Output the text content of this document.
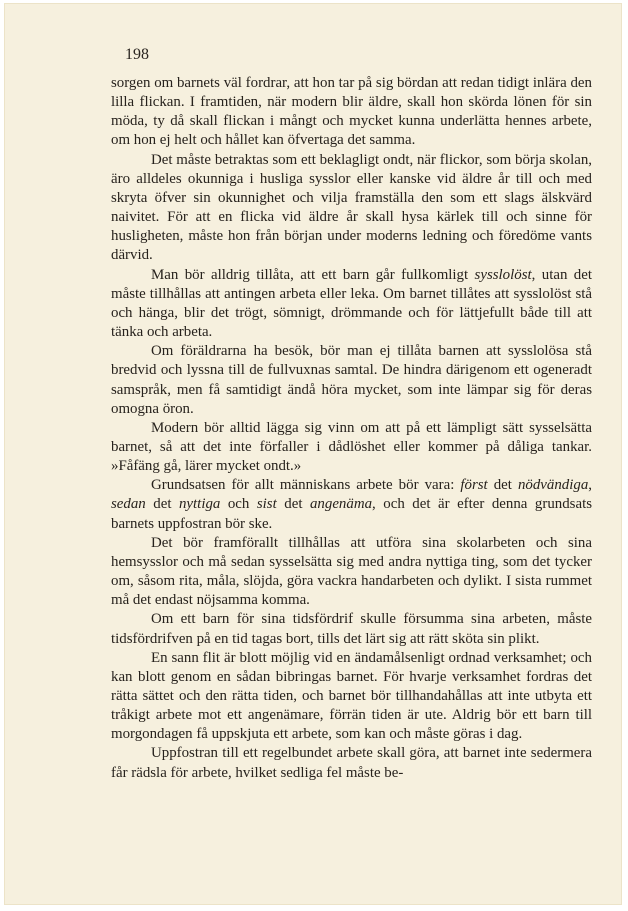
198

sorgen om barnets väl fordrar, att hon tar på sig bördan att redan tidigt inlära den lilla flickan. I framtiden, när modern blir äldre, skall hon skörda lönen för sin möda, ty då skall flickan i mångt och mycket kunna underlätta hennes arbete, om hon ej helt och hållet kan öfvertaga det samma.

Det måste betraktas som ett beklagligt ondt, när flickor, som börja skolan, äro alldeles okunniga i husliga sysslor eller kanske vid äldre år till och med skryta öfver sin okunnighet och vilja framställa den som ett slags älskvärd naivitet. För att en flicka vid äldre år skall hysa kärlek till och sinne för husligheten, måste hon från början under moderns ledning och föredöme vants därvid.

Man bör alldrig tillåta, att ett barn går fullkomligt sysslolöst, utan det måste tillhållas att antingen arbeta eller leka. Om barnet tillåtes att sysslolöst stå och hänga, blir det trögt, sömnigt, drömmande och för lättjefullt både till att tänka och arbeta.

Om föräldrarna ha besök, bör man ej tillåta barnen att sysslolösa stå bredvid och lyssna till de fullvuxnas samtal. De hindra därigenom ett ogeneradt samspråk, men få samtidigt ändå höra mycket, som inte lämpar sig för deras omogna öron.

Modern bör alltid lägga sig vinn om att på ett lämpligt sätt sysselsätta barnet, så att det inte förfaller i dådlöshet eller kommer på dåliga tankar. »Fåfäng gå, lärer mycket ondt.»

Grundsatsen för allt människans arbete bör vara: först det nödvändiga, sedan det nyttiga och sist det angenäma, och det är efter denna grundsats barnets uppfostran bör ske.

Det bör framförallt tillhållas att utföra sina skolarbeten och sina hemsysslor och må sedan sysselsätta sig med andra nyttiga ting, som det tycker om, såsom rita, måla, slöjda, göra vackra handarbeten och dylikt. I sista rummet må det endast nöjsamma komma.

Om ett barn för sina tidsfördrif skulle försumma sina arbeten, måste tidsfördrifven på en tid tagas bort, tills det lärt sig att rätt sköta sin plikt.

En sann flit är blott möjlig vid en ändamålsenligt ordnad verksamhet; och kan blott genom en sådan bibringas barnet. För hvarje verksamhet fordras det rätta sättet och den rätta tiden, och barnet bör tillhandahållas att inte utbyta ett tråkigt arbete mot ett angenämare, förrän tiden är ute. Aldrig bör ett barn till morgondagen få uppskjuta ett arbete, som kan och måste göras i dag.

Uppfostran till ett regelbundet arbete skall göra, att barnet inte sedermera får rädsla för arbete, hvilket sedliga fel måste be-
